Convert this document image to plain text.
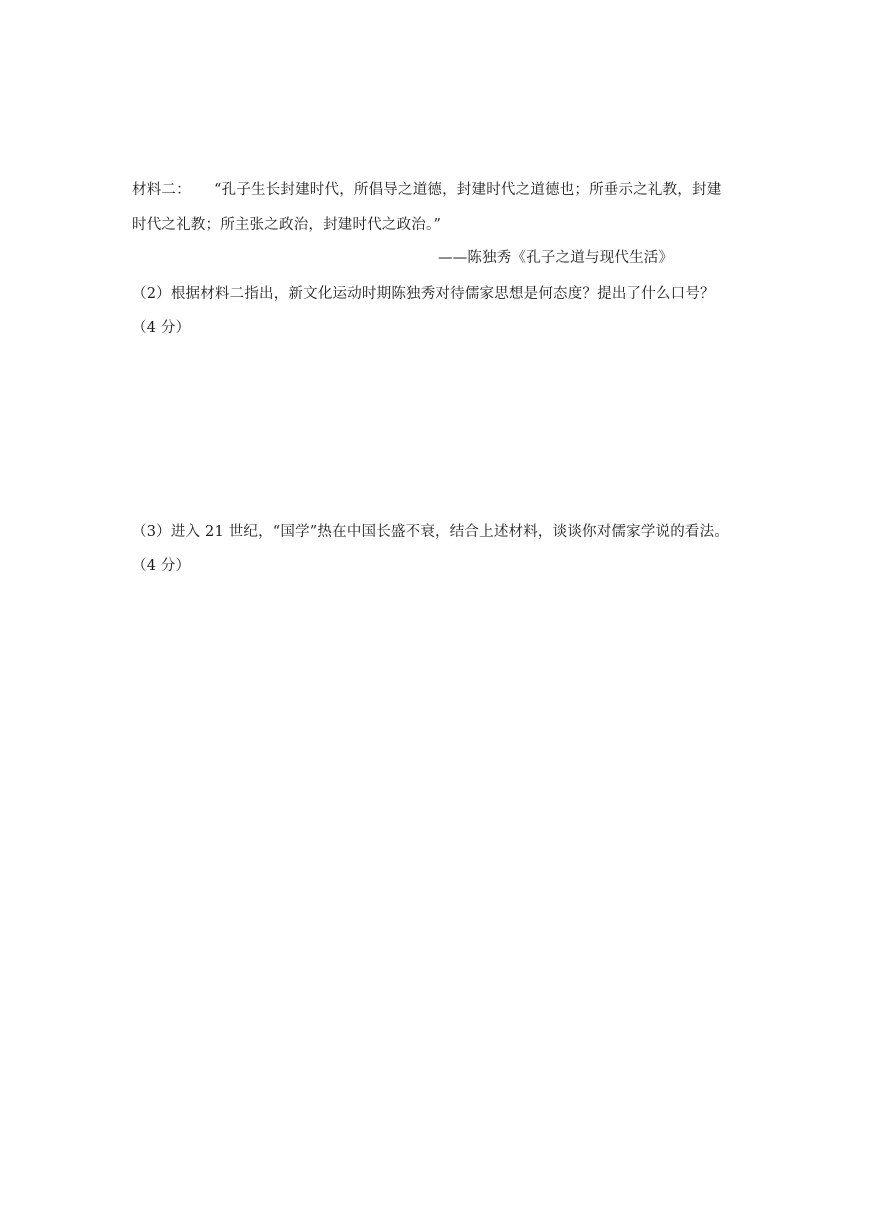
材料二： “孔子生长封建时代，所倡导之道德，封建时代之道德也；所垂示之礼教，封建
时代之礼教；所主张之政治，封建时代之政治。”
——陈独秀《孔子之道与现代生活》
（2）根据材料二指出，新文化运动时期陈独秀对待儒家思想是何态度？提出了什么口号？
（4 分）
（3）进入 21 世纪，“国学”热在中国长盛不衰，结合上述材料，谈谈你对儒家学说的看法。
（4 分）
